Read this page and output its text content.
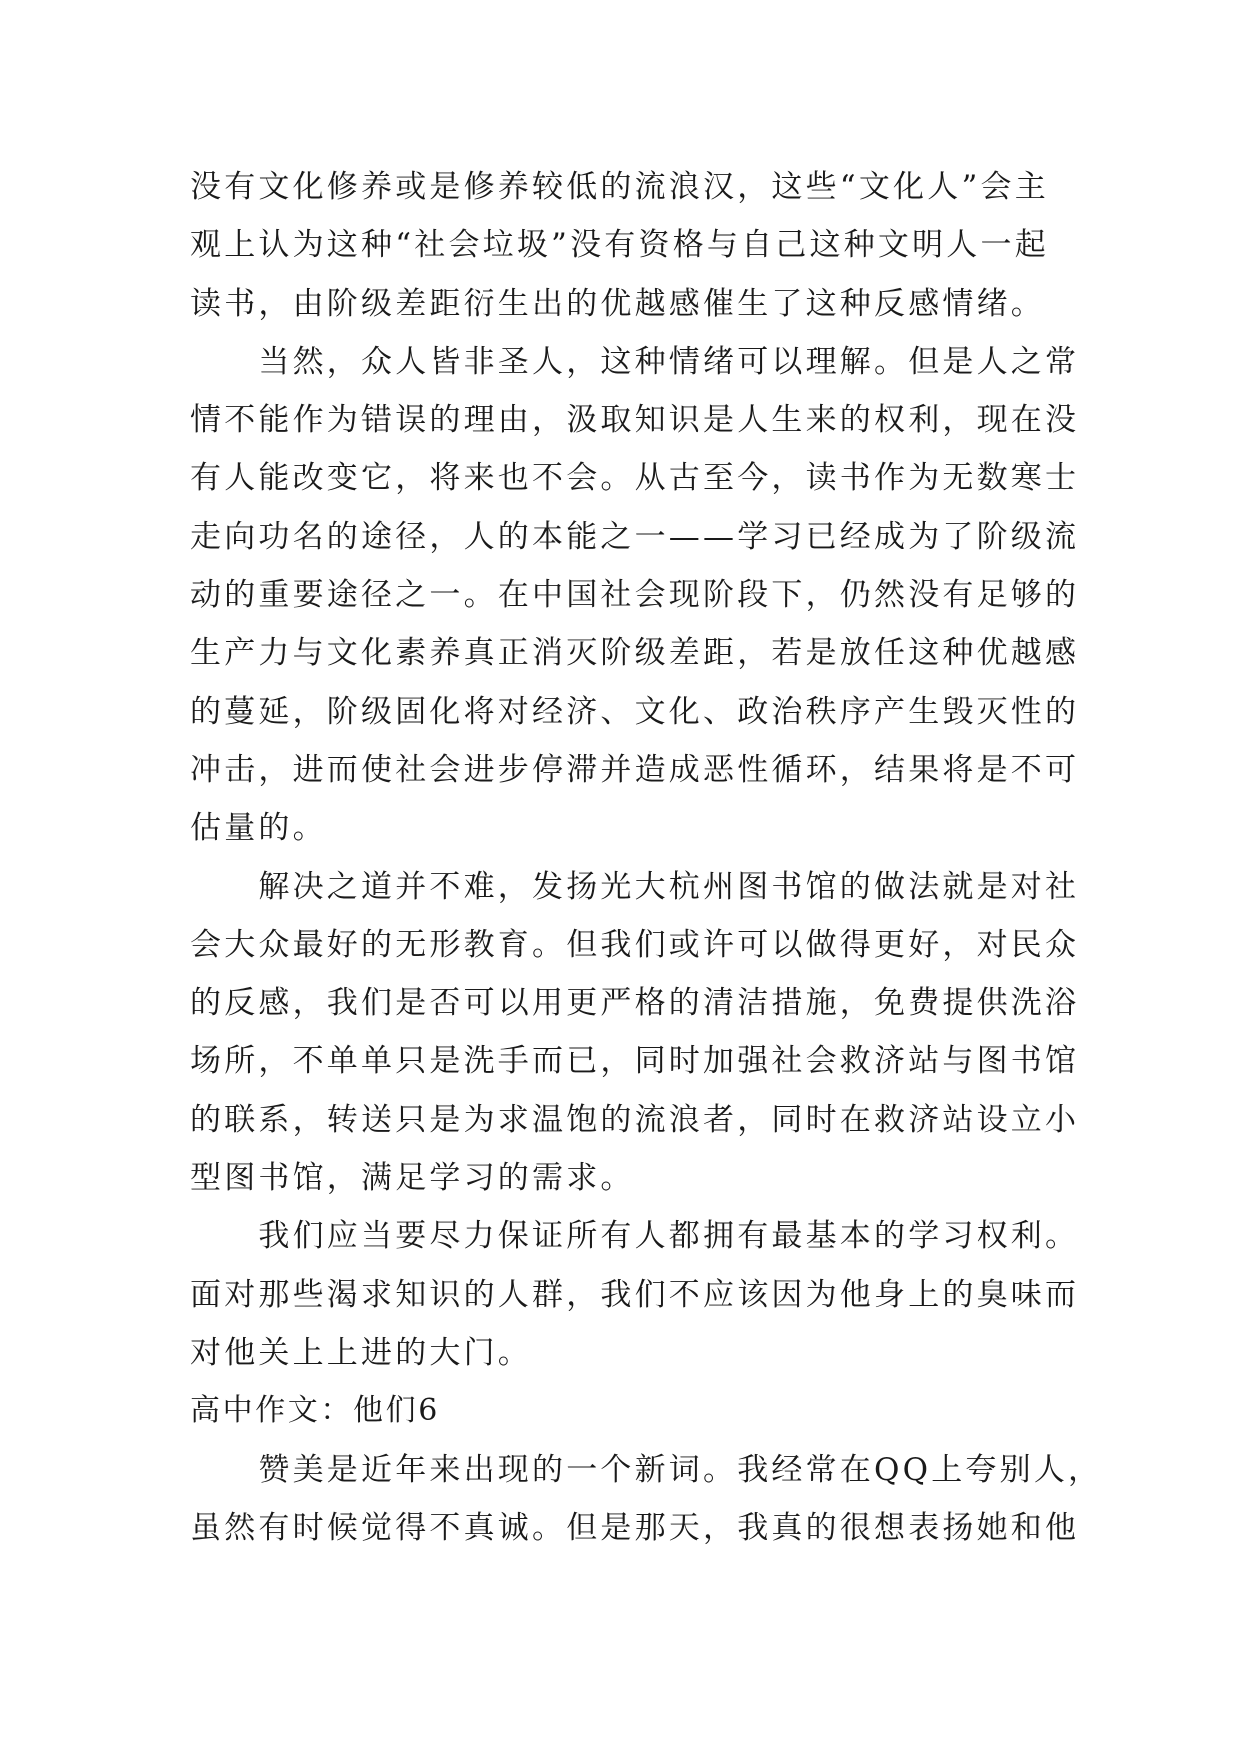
没有文化修养或是修养较低的流浪汉，这些“文化人”会主
观上认为这种“社会垃圾”没有资格与自己这种文明人一起
读书，由阶级差距衍生出的优越感催生了这种反感情绪。
　　当然，众人皆非圣人，这种情绪可以理解。但是人之常
情不能作为错误的理由，汲取知识是人生来的权利，现在没
有人能改变它，将来也不会。从古至今，读书作为无数寒士
走向功名的途径，人的本能之一——学习已经成为了阶级流
动的重要途径之一。在中国社会现阶段下，仍然没有足够的
生产力与文化素养真正消灭阶级差距，若是放任这种优越感
的蔓延，阶级固化将对经济、文化、政治秩序产生毁灭性的
冲击，进而使社会进步停滞并造成恶性循环，结果将是不可
估量的。
　　解决之道并不难，发扬光大杭州图书馆的做法就是对社
会大众最好的无形教育。但我们或许可以做得更好，对民众
的反感，我们是否可以用更严格的清洁措施，免费提供洗浴
场所，不单单只是洗手而已，同时加强社会救济站与图书馆
的联系，转送只是为求温饱的流浪者，同时在救济站设立小
型图书馆，满足学习的需求。
　　我们应当要尽力保证所有人都拥有最基本的学习权利。
面对那些渴求知识的人群，我们不应该因为他身上的臭味而
对他关上上进的大门。
高中作文：他们6
　　赞美是近年来出现的一个新词。我经常在QQ上夸别人，
虽然有时候觉得不真诚。但是那天，我真的很想表扬她和他
